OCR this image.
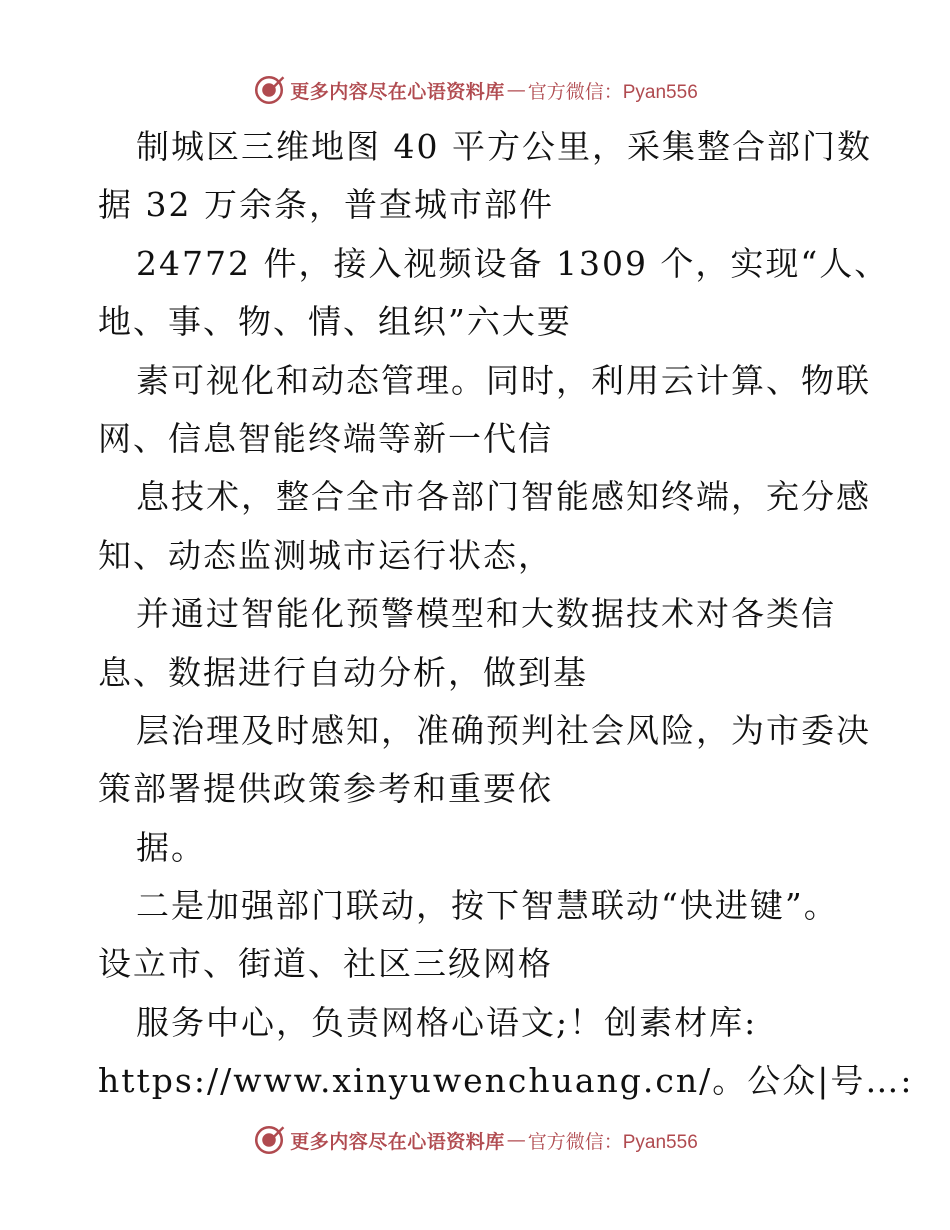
更多内容尽在心语资料库 — 官方微信：Pyan556
制城区三维地图 40 平方公里，采集整合部门数
据 32 万余条，普查城市部件
24772 件，接入视频设备 1309 个，实现“人、
地、事、物、情、组织”六大要
素可视化和动态管理。同时，利用云计算、物联
网、信息智能终端等新一代信
息技术，整合全市各部门智能感知终端，充分感
知、动态监测城市运行状态，
并通过智能化预警模型和大数据技术对各类信
息、数据进行自动分析，做到基
层治理及时感知，准确预判社会风险，为市委决
策部署提供政策参考和重要依
据。
二是加强部门联动，按下智慧联动“快进键”。
设立市、街道、社区三级网格
服务中心，负责网格心语文;！创素材库:
https://www.xinyuwenchuang.cn/。公众|号…:
更多内容尽在心语资料库 — 官方微信：Pyan556
